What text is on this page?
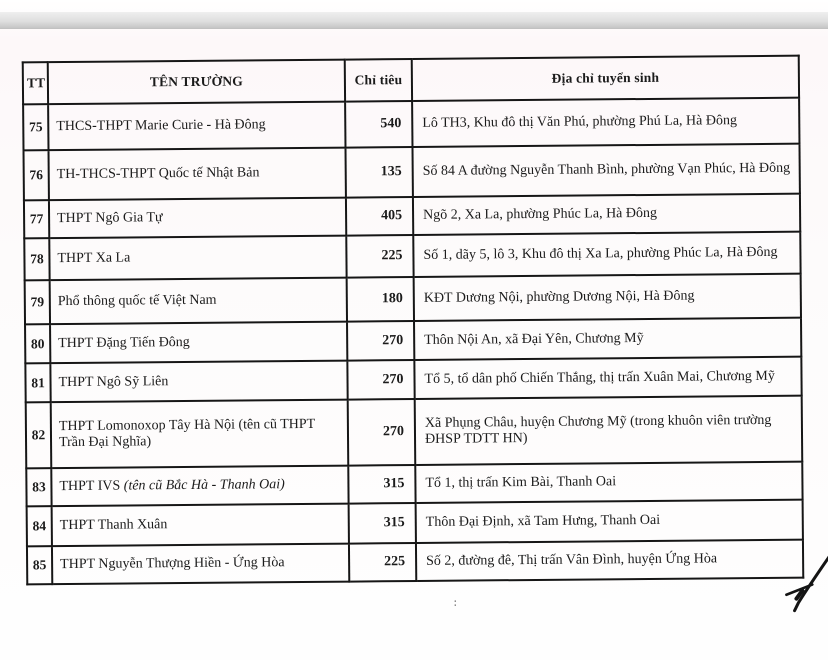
TT	TÊN TRƯỜNG	Chỉ tiêu	Địa chỉ tuyển sinh
75	THCS-THPT Marie Curie - Hà Đông	540	Lô TH3, Khu đô thị Văn Phú, phường Phú La, Hà Đông
76	TH-THCS-THPT Quốc tế Nhật Bản	135	Số 84 A đường Nguyễn Thanh Bình, phường Vạn Phúc, Hà Đông
77	THPT Ngô Gia Tự	405	Ngõ 2, Xa La, phường Phúc La, Hà Đông
78	THPT Xa La	225	Số 1, dãy 5, lô 3, Khu đô thị Xa La, phường Phúc La, Hà Đông
79	Phổ thông quốc tế Việt Nam	180	KĐT Dương Nội, phường Dương Nội, Hà Đông
80	THPT Đặng Tiến Đông	270	Thôn Nội An, xã Đại Yên, Chương Mỹ
81	THPT Ngô Sỹ Liên	270	Tổ 5, tổ dân phố Chiến Thắng, thị trấn Xuân Mai, Chương Mỹ
82	THPT Lomonoxop Tây Hà Nội (tên cũ THPT Trần Đại Nghĩa)	270	Xã Phụng Châu, huyện Chương Mỹ (trong khuôn viên trường ĐHSP TDTT HN)
83	THPT IVS (tên cũ Bắc Hà - Thanh Oai)	315	Tổ 1, thị trấn Kim Bài, Thanh Oai
84	THPT Thanh Xuân	315	Thôn Đại Định, xã Tam Hưng, Thanh Oai
85	THPT Nguyễn Thượng Hiền - Ứng Hòa	225	Số 2, đường đê, Thị trấn Vân Đình, huyện Ứng Hòa
:
